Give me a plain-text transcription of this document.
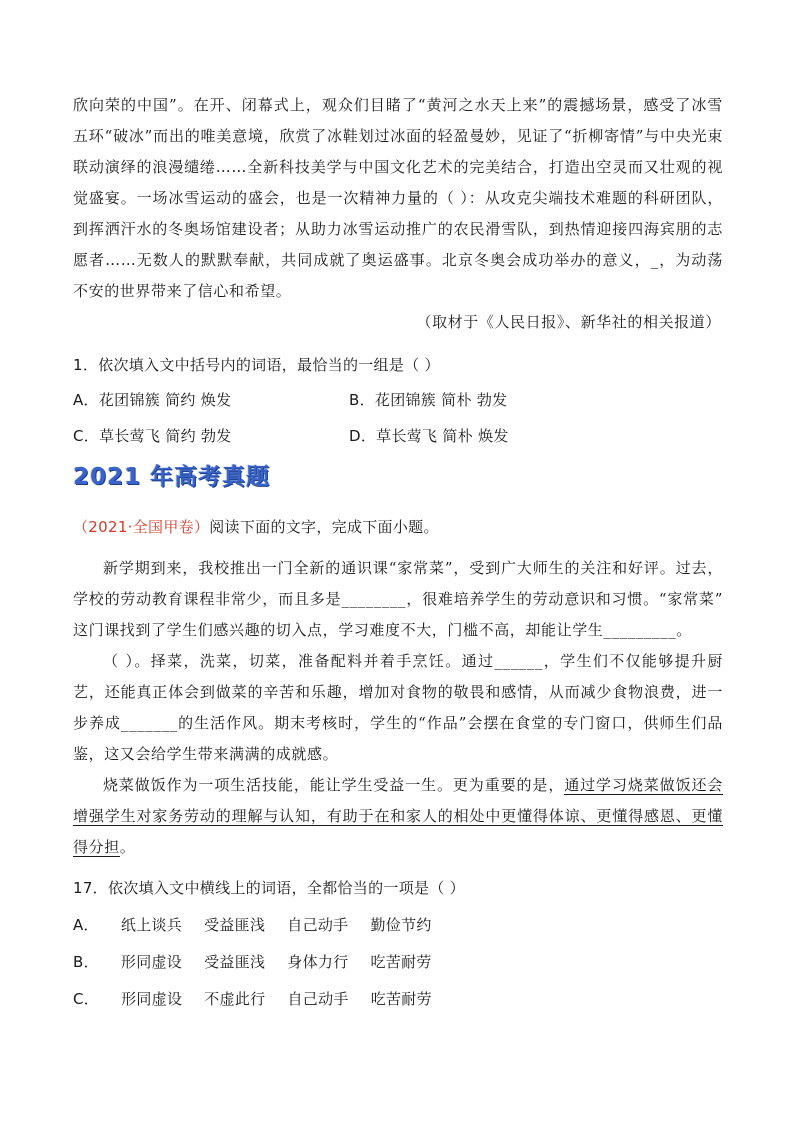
欣向荣的中国”。在开、闭幕式上，观众们目睹了“黄河之水天上来”的震撼场景，感受了冰雪
五环“破冰”而出的唯美意境，欣赏了冰鞋划过冰面的轻盈曼妙，见证了“折柳寄情”与中央光束
联动演绎的浪漫缱绻……全新科技美学与中国文化艺术的完美结合，打造出空灵而又壮观的视
觉盛宴。一场冰雪运动的盛会，也是一次精神力量的（ ）：从攻克尖端技术难题的科研团队，
到挥洒汗水的冬奥场馆建设者；从助力冰雪运动推广的农民滑雪队，到热情迎接四海宾朋的志
愿者……无数人的默默奉献，共同成就了奥运盛事。北京冬奥会成功举办的意义，_，为动荡
不安的世界带来了信心和希望。
（取材于《人民日报》、新华社的相关报道）
1．依次填入文中括号内的词语，最恰当的一组是（ ）
A．花团锦簇 简约 焕发	B．花团锦簇 简朴 勃发
C．草长莺飞 简约 勃发	D．草长莺飞 简朴 焕发
2021 年高考真题
（2021·全国甲卷）阅读下面的文字，完成下面小题。
新学期到来，我校推出一门全新的通识课“家常菜”，受到广大师生的关注和好评。过去，
学校的劳动教育课程非常少，而且多是________，很难培养学生的劳动意识和习惯。“家常菜”
这门课找到了学生们感兴趣的切入点，学习难度不大，门槛不高，却能让学生_________。
（ ）。择菜，洗菜，切菜，准备配料并着手烹饪。通过______，学生们不仅能够提升厨
艺，还能真正体会到做菜的辛苦和乐趣，增加对食物的敬畏和感情，从而减少食物浪费，进一
步养成_______的生活作风。期末考核时，学生的“作品”会摆在食堂的专门窗口，供师生们品
鉴，这又会给学生带来满满的成就感。
烧菜做饭作为一项生活技能，能让学生受益一生。更为重要的是，通过学习烧菜做饭还会
增强学生对家务劳动的理解与认知，有助于在和家人的相处中更懂得体谅、更懂得感恩、更懂
得分担。
17．依次填入文中横线上的词语，全都恰当的一项是（ ）
A． 纸上谈兵 受益匪浅 自己动手 勤俭节约
B． 形同虚设 受益匪浅 身体力行 吃苦耐劳
C． 形同虚设 不虚此行 自己动手 吃苦耐劳
